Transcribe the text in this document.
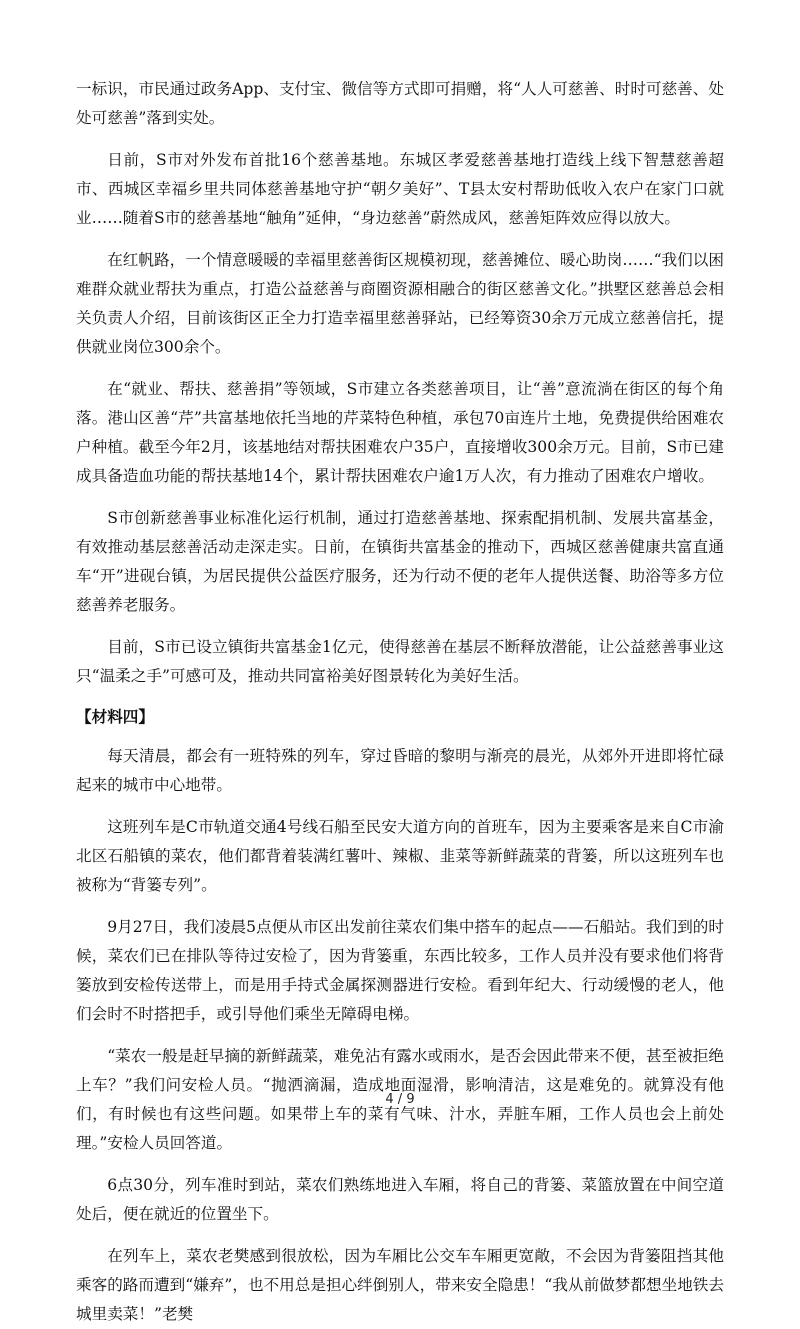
一标识，市民通过政务App、支付宝、微信等方式即可捐赠，将“人人可慈善、时时可慈善、处处可慈善”落到实处。

日前，S市对外发布首批16个慈善基地。东城区孝爱慈善基地打造线上线下智慧慈善超市、西城区幸福乡里共同体慈善基地守护“朝夕美好”、T县太安村帮助低收入农户在家门口就业……随着S市的慈善基地“触角”延伸，“身边慈善”蔚然成风，慈善矩阵效应得以放大。

在红帆路，一个情意暖暖的幸福里慈善街区规模初现，慈善摊位、暖心助岗……“我们以困难群众就业帮扶为重点，打造公益慈善与商圈资源相融合的街区慈善文化。”拱墅区慈善总会相关负责人介绍，目前该街区正全力打造幸福里慈善驿站，已经筹资30余万元成立慈善信托，提供就业岗位300余个。

在“就业、帮扶、慈善捐”等领域，S市建立各类慈善项目，让“善”意流淌在街区的每个角落。港山区善“芹”共富基地依托当地的芹菜特色种植，承包70亩连片土地，免费提供给困难农户种植。截至今年2月，该基地结对帮扶困难农户35户，直接增收300余万元。目前，S市已建成具备造血功能的帮扶基地14个，累计帮扶困难农户逾1万人次，有力推动了困难农户增收。

S市创新慈善事业标准化运行机制，通过打造慈善基地、探索配捐机制、发展共富基金，有效推动基层慈善活动走深走实。日前，在镇街共富基金的推动下，西城区慈善健康共富直通车“开”进砚台镇，为居民提供公益医疗服务，还为行动不便的老年人提供送餐、助浴等多方位慈善养老服务。

目前，S市已设立镇街共富基金1亿元，使得慈善在基层不断释放潜能，让公益慈善事业这只“温柔之手”可感可及，推动共同富裕美好图景转化为美好生活。

【材料四】

每天清晨，都会有一班特殊的列车，穿过昏暗的黎明与渐亮的晨光，从郊外开进即将忙碌起来的城市中心地带。

这班列车是C市轨道交通4号线石船至民安大道方向的首班车，因为主要乘客是来自C市渝北区石船镇的菜农，他们都背着装满红薯叶、辣椒、韭菜等新鲜蔬菜的背篓，所以这班列车也被称为“背篓专列”。

9月27日，我们凌晨5点便从市区出发前往菜农们集中搭车的起点——石船站。我们到的时候，菜农们已在排队等待过安检了，因为背篓重，东西比较多，工作人员并没有要求他们将背篓放到安检传送带上，而是用手持式金属探测器进行安检。看到年纪大、行动缓慢的老人，他们会时不时搭把手，或引导他们乘坐无障碍电梯。

“菜农一般是赶早摘的新鲜蔬菜，难免沾有露水或雨水，是否会因此带来不便，甚至被拒绝上车？”我们问安检人员。“抛洒滴漏，造成地面湿滑，影响清洁，这是难免的。就算没有他们，有时候也有这些问题。如果带上车的菜有气味、汁水，弄脏车厢，工作人员也会上前处理。”安检人员回答道。

6点30分，列车准时到站，菜农们熟练地进入车厢，将自己的背篓、菜篮放置在中间空道处后，便在就近的位置坐下。

在列车上，菜农老樊感到很放松，因为车厢比公交车车厢更宽敞，不会因为背篓阻挡其他乘客的路而遭到“嫌弃”，也不用总是担心绊倒别人，带来安全隐患！“我从前做梦都想坐地铁去城里卖菜！”老樊

4 / 9
